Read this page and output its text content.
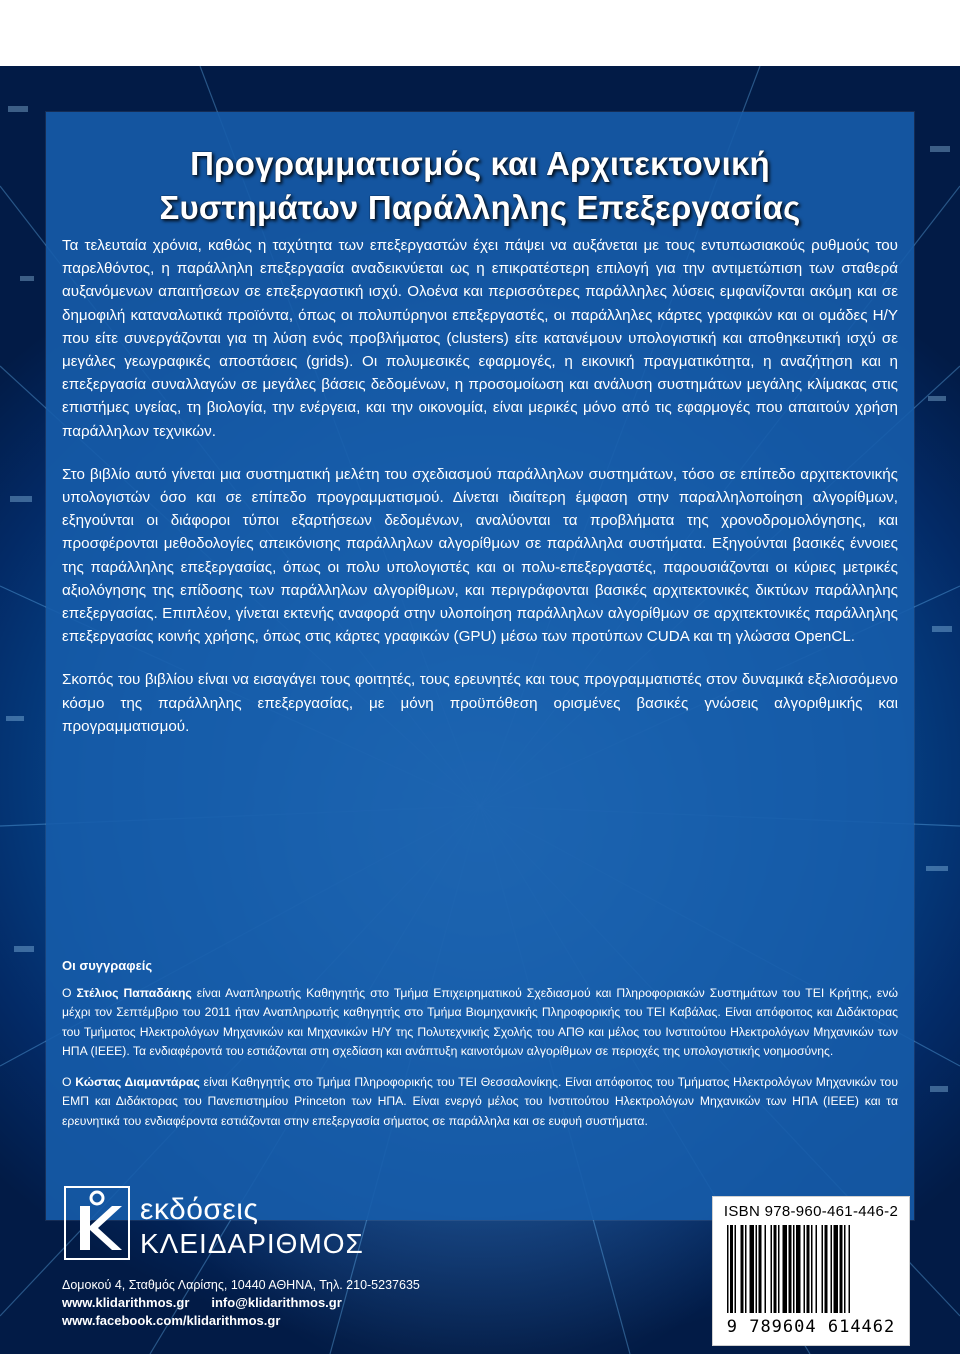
Προγραμματισμός και Αρχιτεκτονική
Συστημάτων Παράλληλης Επεξεργασίας

Τα τελευταία χρόνια, καθώς η ταχύτητα των επεξεργαστών έχει πάψει να αυξάνεται με τους εντυπωσιακούς ρυθμούς του παρελθόντος, η παράλληλη επεξεργασία αναδεικνύεται ως η επικρατέστερη επιλογή για την αντιμετώπιση των σταθερά αυξανόμενων απαιτήσεων σε επεξεργαστική ισχύ. Ολοένα και περισσότερες παράλληλες λύσεις εμφανίζονται ακόμη και σε δημοφιλή καταναλωτικά προϊόντα, όπως οι πολυπύρηνοι επεξεργαστές, οι παράλληλες κάρτες γραφικών και οι ομάδες Η/Υ που είτε συνεργάζονται για τη λύση ενός προβλήματος (clusters) είτε κατανέμουν υπολογιστική και αποθηκευτική ισχύ σε μεγάλες γεωγραφικές αποστάσεις (grids). Οι πολυμεσικές εφαρμογές, η εικονική πραγματικότητα, η αναζήτηση και η επεξεργασία συναλλαγών σε μεγάλες βάσεις δεδομένων, η προσομοίωση και ανάλυση συστημάτων μεγάλης κλίμακας στις επιστήμες υγείας, τη βιολογία, την ενέργεια, και την οικονομία, είναι μερικές μόνο από τις εφαρμογές που απαιτούν χρήση παράλληλων τεχνικών.

Στο βιβλίο αυτό γίνεται μια συστηματική μελέτη του σχεδιασμού παράλληλων συστημάτων, τόσο σε επίπεδο αρχιτεκτονικής υπολογιστών όσο και σε επίπεδο προγραμματισμού. Δίνεται ιδιαίτερη έμφαση στην παραλληλοποίηση αλγορίθμων, εξηγούνται οι διάφοροι τύποι εξαρτήσεων δεδομένων, αναλύονται τα προβλήματα της χρονοδρομολόγησης, και προσφέρονται μεθοδολογίες απεικόνισης παράλληλων αλγορίθμων σε παράλληλα συστήματα. Εξηγούνται βασικές έννοιες της παράλληλης επεξεργασίας, όπως οι πολυ υπολογιστές και οι πολυ-επεξεργαστές, παρουσιάζονται οι κύριες μετρικές αξιολόγησης της επίδοσης των παράλληλων αλγορίθμων, και περιγράφονται βασικές αρχιτεκτονικές δικτύων παράλληλης επεξεργασίας. Επιπλέον, γίνεται εκτενής αναφορά στην υλοποίηση παράλληλων αλγορίθμων σε αρχιτεκτονικές παράλληλης επεξεργασίας κοινής χρήσης, όπως στις κάρτες γραφικών (GPU) μέσω των προτύπων CUDA και τη γλώσσα OpenCL.

Σκοπός του βιβλίου είναι να εισαγάγει τους φοιτητές, τους ερευνητές και τους προγραμματιστές στον δυναμικά εξελισσόμενο κόσμο της παράλληλης επεξεργασίας, με μόνη προϋπόθεση ορισμένες βασικές γνώσεις αλγοριθμικής και προγραμματισμού.

Οι συγγραφείς

Ο Στέλιος Παπαδάκης είναι Αναπληρωτής Καθηγητής στο Τμήμα Επιχειρηματικού Σχεδιασμού και Πληροφοριακών Συστημάτων του ΤΕΙ Κρήτης, ενώ μέχρι τον Σεπτέμβριο του 2011 ήταν Αναπληρωτής καθηγητής στο Τμήμα Βιομηχανικής Πληροφορικής του ΤΕΙ Καβάλας. Είναι απόφοιτος και Διδάκτορας του Τμήματος Ηλεκτρολόγων Μηχανικών και Μηχανικών Η/Υ της Πολυτεχνικής Σχολής του ΑΠΘ και μέλος του Ινστιτούτου Ηλεκτρολόγων Μηχανικών των ΗΠΑ (IEEE). Τα ενδιαφέροντά του εστιάζονται στη σχεδίαση και ανάπτυξη καινοτόμων αλγορίθμων σε περιοχές της υπολογιστικής νοημοσύνης.

Ο Κώστας Διαμαντάρας είναι Καθηγητής στο Τμήμα Πληροφορικής του ΤΕΙ Θεσσαλονίκης. Είναι απόφοιτος του Τμήματος Ηλεκτρολόγων Μηχανικών του ΕΜΠ και Διδάκτορας του Πανεπιστημίου Princeton των ΗΠΑ. Είναι ενεργό μέλος του Ινστιτούτου Ηλεκτρολόγων Μηχανικών των ΗΠΑ (IEEE) και τα ερευνητικά του ενδιαφέροντα εστιάζονται στην επεξεργασία σήματος σε παράλληλα και σε ευφυή συστήματα.

K
εκδόσεις
ΚΛΕΙΔΑΡΙΘΜΟΣ
Δομοκού 4, Σταθμός Λαρίσης, 10440 ΑΘΗΝΑ, Τηλ. 210-5237635
www.klidarithmos.gr info@klidarithmos.gr
www.facebook.com/klidarithmos.gr
ISBN 978-960-461-446-2
9 789604 614462
